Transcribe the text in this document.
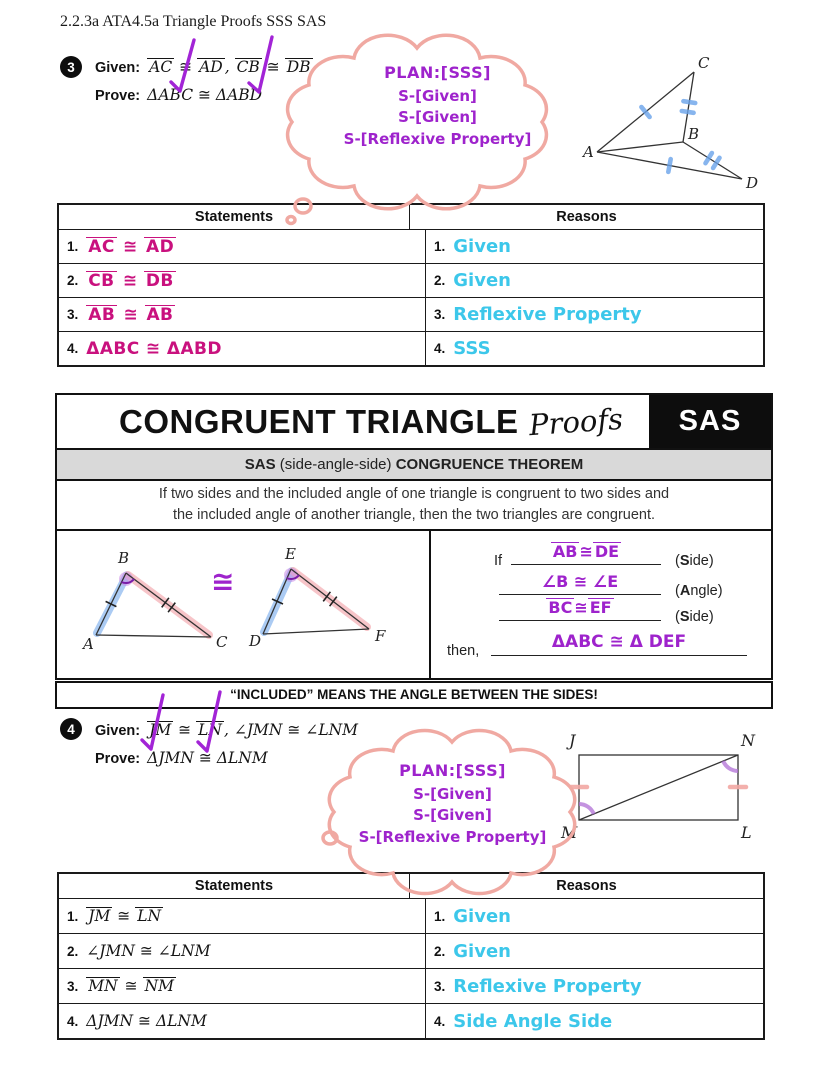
2.2.3a ATA4.5a Triangle Proofs SSS SAS
3	Given: AC ≅ AD , CB ≅ DB
Prove: ΔABC ≅ ΔABD
PLAN:[SSS]
S-[Given]
S-[Given]
S-[Reflexive Property]
A
B
C
D
Statements	Reasons
1. AC ≅ AD	1. Given
2. CB ≅ DB	2. Given
3. AB ≅ AB	3. Reflexive Property
4. ΔABC ≅ ΔABD	4. SSS
CONGRUENT TRIANGLE Proofs	SAS
SAS (side-angle-side) CONGRUENCE THEOREM
If two sides and the included angle of one triangle is congruent to two sides and
the included angle of another triangle, then the two triangles are congruent.
≅
A
B
C D
E
F
If	AB ≅ DE	(Side)
∠B ≅ ∠E	(Angle)
BC ≅ EF	(Side)
then,	ΔABC ≅ Δ DEF
“INCLUDED” MEANS THE ANGLE BETWEEN THE SIDES!
4	Given: JM ≅ LN , ∠JMN ≅ ∠LNM
Prove: ΔJMN ≅ ΔLNM
PLAN:[SSS]
S-[Given]
S-[Given]
S-[Reflexive Property]
J	N
M	L
Statements	Reasons
1. JM ≅ LN	1. Given
2. ∠JMN ≅ ∠LNM	2. Given
3. MN ≅ NM	3. Reflexive Property
4. ΔJMN ≅ ΔLNM	4. Side Angle Side
